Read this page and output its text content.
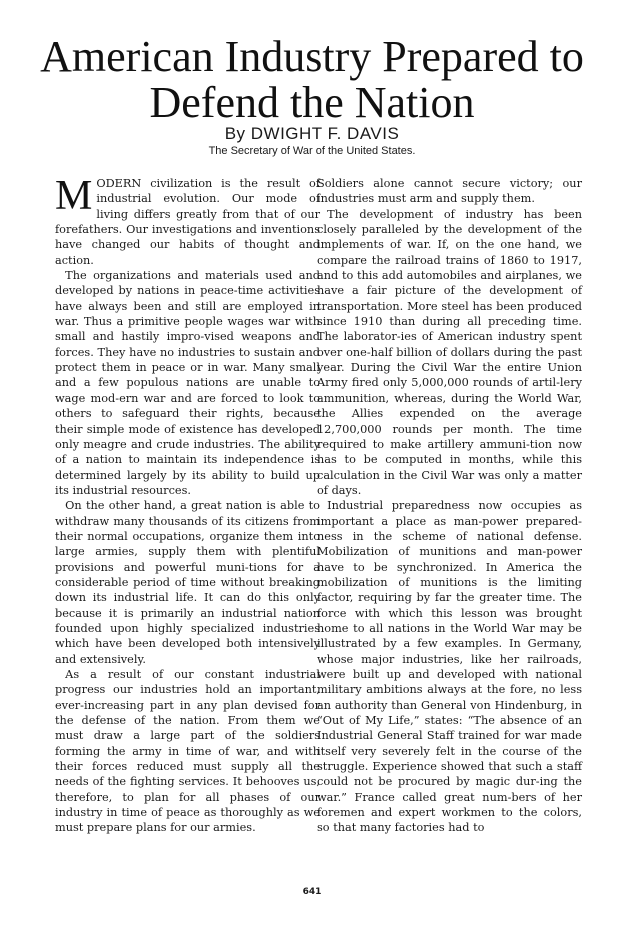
American Industry Prepared to Defend the Nation
By DWIGHT F. DAVIS
The Secretary of War of the United States.

MODERN civilization is the result of industrial evolution. Our mode of living differs greatly from that of our forefathers. Our investigations and inventions have changed our habits of thought and action.

The organizations and materials used and developed by nations in peace-time activities have always been and still are employed in war. Thus a primitive people wages war with small and hastily impro-vised weapons and forces. They have no industries to sustain and protect them in peace or in war. Many small and a few populous nations are unable to wage mod-ern war and are forced to look to others to safeguard their rights, because their simple mode of existence has developed only meagre and crude industries. The ability of a nation to maintain its independence is determined largely by its ability to build up its industrial resources.

On the other hand, a great nation is able to withdraw many thousands of its citizens from their normal occupations, organize them into large armies, supply them with plentiful provisions and powerful muni-tions for a considerable period of time without breaking down its industrial life. It can do this only because it is primarily an industrial nation founded upon highly specialized industries which have been developed both intensively and extensively.

As a result of our constant industrial progress our industries hold an important, ever-increasing part in any plan devised for the defense of the nation. From them we must draw a large part of the soldiers forming the army in time of war, and with their forces reduced must supply all the needs of the fighting services. It behooves us, therefore, to plan for all phases of our industry in time of peace as thoroughly as we must prepare plans for our armies.

Soldiers alone cannot secure victory; our industries must arm and supply them.

The development of industry has been closely paralleled by the development of the implements of war. If, on the one hand, we compare the railroad trains of 1860 to 1917, and to this add automobiles and airplanes, we have a fair picture of the development of transportation. More steel has been produced since 1910 than during all preceding time. The laborator-ies of American industry spent over one-half billion of dollars during the past year. During the Civil War the entire Union Army fired only 5,000,000 rounds of artil-lery ammunition, whereas, during the World War, the Allies expended on the average 12,700,000 rounds per month. The time required to make artillery ammuni-tion now has to be computed in months, while this calculation in the Civil War was only a matter of days.

Industrial preparedness now occupies as important a place as man-power prepared-ness in the scheme of national defense. Mobilization of munitions and man-power have to be synchronized. In America the mobilization of munitions is the limiting factor, requiring by far the greater time. The force with which this lesson was brought home to all nations in the World War may be illustrated by a few examples. In Germany, whose major industries, like her railroads, were built up and developed with national military ambitions always at the fore, no less an authority than General von Hindenburg, in “Out of My Life,” states: “The absence of an Industrial General Staff trained for war made itself very severely felt in the course of the struggle. Experience showed that such a staff could not be procured by magic dur-ing the war.” France called great num-bers of her foremen and expert workmen to the colors, so that many factories had to

641
